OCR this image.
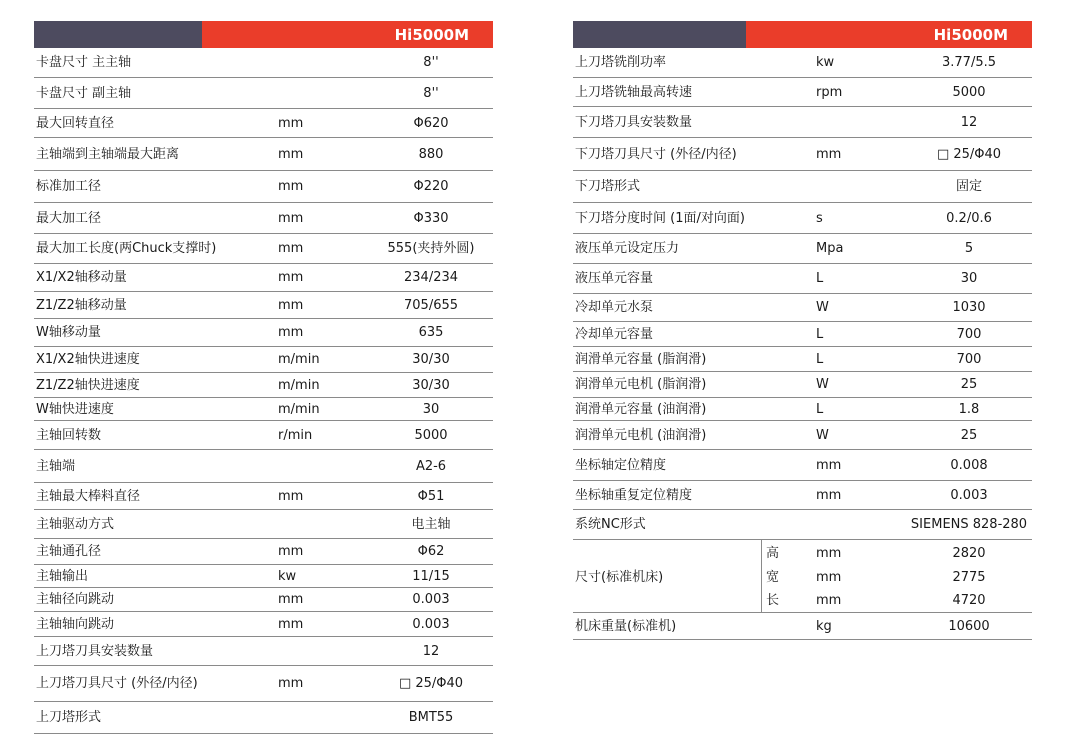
Hi5000M
卡盘尺寸 主主轴	8''
卡盘尺寸 副主轴	8''
最大回转直径	mm	Φ620
主轴端到主轴端最大距离	mm	880
标准加工径	mm	Φ220
最大加工径	mm	Φ330
最大加工长度(两Chuck支撑时)	mm	555(夹持外圆)
X1/X2轴移动量	mm	234/234
Z1/Z2轴移动量	mm	705/655
W轴移动量	mm	635
X1/X2轴快进速度	m/min	30/30
Z1/Z2轴快进速度	m/min	30/30
W轴快进速度	m/min	30
主轴回转数	r/min	5000
主轴端	A2-6
主轴最大棒料直径	mm	Φ51
主轴驱动方式	电主轴
主轴通孔径	mm	Φ62
主轴输出	kw	11/15
主轴径向跳动	mm	0.003
主轴轴向跳动	mm	0.003
上刀塔刀具安装数量	12
上刀塔刀具尺寸 (外径/内径)	mm	□ 25/Φ40
上刀塔形式	BMT55
Hi5000M
上刀塔铣削功率	kw	3.77/5.5
上刀塔铣轴最高转速	rpm	5000
下刀塔刀具安装数量	12
下刀塔刀具尺寸 (外径/内径)	mm	□ 25/Φ40
下刀塔形式	固定
下刀塔分度时间 (1面/对向面)	s	0.2/0.6
液压单元设定压力	Mpa	5
液压单元容量	L	30
冷却单元水泵	W	1030
冷却单元容量	L	700
润滑单元容量 (脂润滑)	L	700
润滑单元电机 (脂润滑)	W	25
润滑单元容量 (油润滑)	L	1.8
润滑单元电机 (油润滑)	W	25
坐标轴定位精度	mm	0.008
坐标轴重复定位精度	mm	0.003
系统NC形式	SIEMENS 828-280
尺寸(标准机床)
高	mm	2820
宽	mm	2775
长	mm	4720
机床重量(标准机)	kg	10600
